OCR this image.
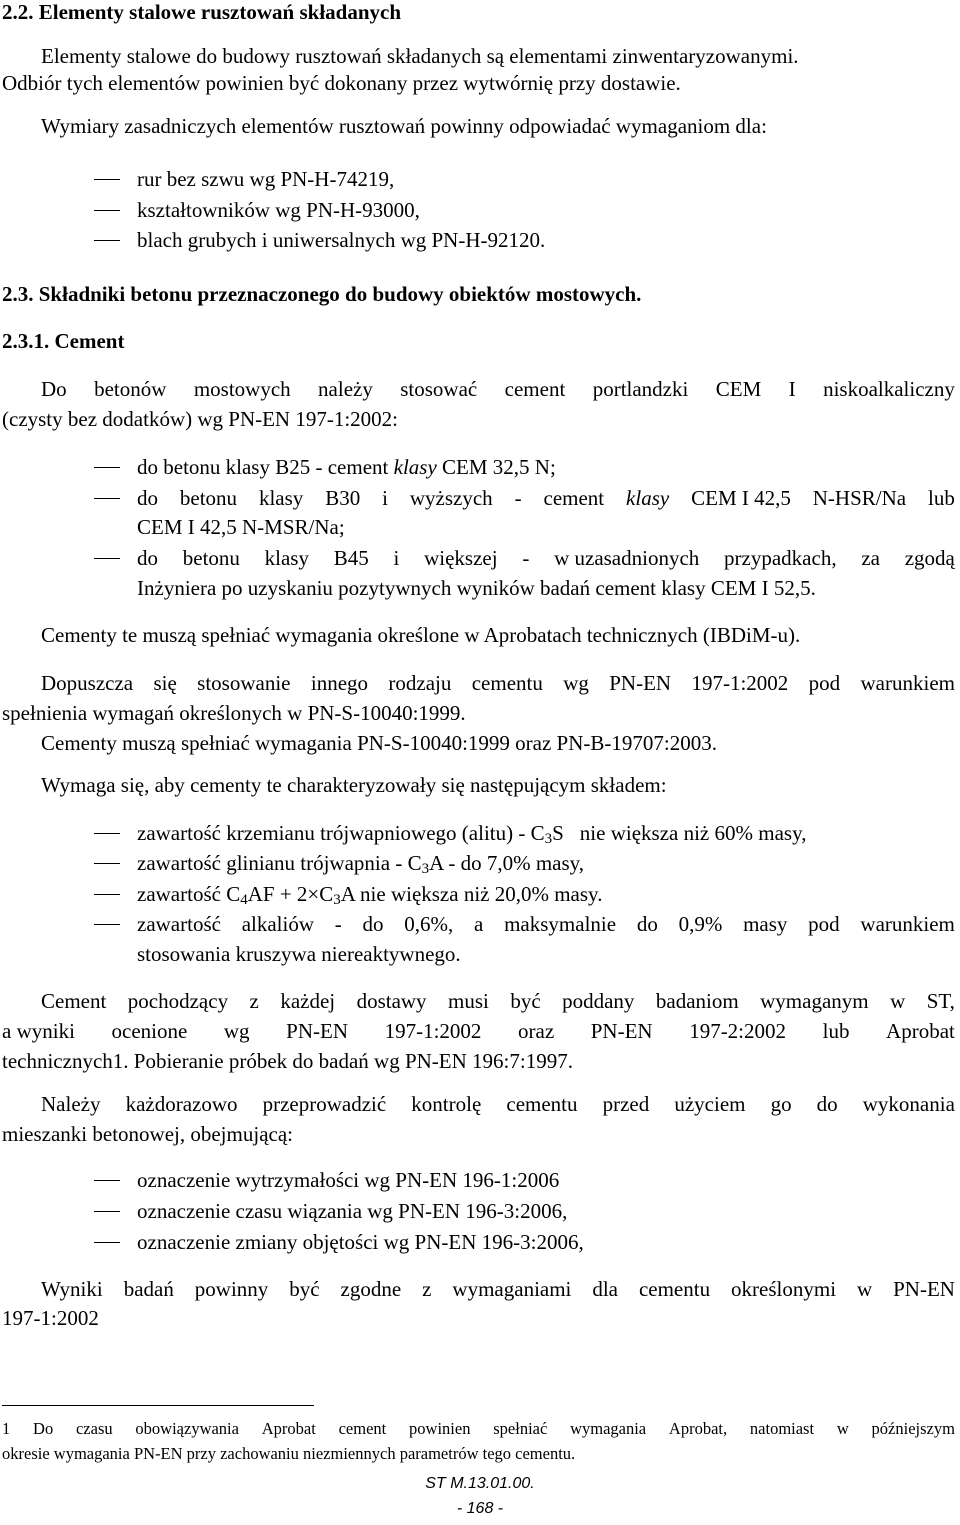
2.2. Elementy stalowe rusztowań składanych
Elementy stalowe do budowy rusztowań składanych są elementami zinwentaryzowanymi.
Odbiór tych elementów powinien być dokonany przez wytwórnię przy dostawie.
Wymiary zasadniczych elementów rusztowań powinny odpowiadać wymaganiom dla:
rur bez szwu wg PN-H-74219,
kształtowników wg PN-H-93000,
blach grubych i uniwersalnych wg PN-H-92120.
2.3. Składniki betonu przeznaczonego do budowy obiektów mostowych.
2.3.1. Cement
Do betonów mostowych należy stosować cement portlandzki CEM I niskoalkaliczny
(czysty bez dodatków) wg PN-EN 197-1:2002:
do betonu klasy B25 - cement klasy CEM 32,5 N;
do betonu klasy B30 i wyższych - cement klasy CEM I 42,5 N-HSR/Na lub
CEM I 42,5 N-MSR/Na;
do betonu klasy B45 i większej - w uzasadnionych przypadkach, za zgodą
Inżyniera po uzyskaniu pozytywnych wyników badań cement klasy CEM I 52,5.
Cementy te muszą spełniać wymagania określone w Aprobatach technicznych (IBDiM-u).
Dopuszcza się stosowanie innego rodzaju cementu wg PN-EN 197-1:2002 pod warunkiem
spełnienia wymagań określonych w PN-S-10040:1999.
Cementy muszą spełniać wymagania PN-S-10040:1999 oraz PN-B-19707:2003.
Wymaga się, aby cementy te charakteryzowały się następującym składem:
zawartość krzemianu trójwapniowego (alitu) - $C_3S$ nie większa niż 60% masy,
zawartość glinianu trójwapnia - $C_3A$ - do 7,0% masy,
zawartość $C_4AF + 2\times C_3A$ nie większa niż 20,0% masy.
zawartość alkaliów - do 0,6%, a maksymalnie do 0,9% masy pod warunkiem
stosowania kruszywa niereaktywnego.
Cement pochodzący z każdej dostawy musi być poddany badaniom wymaganym w ST,
a wyniki ocenione wg PN-EN 197-1:2002 oraz PN-EN 197-2:2002 lub Aprobat
technicznych1. Pobieranie próbek do badań wg PN-EN 196:7:1997.
Należy każdorazowo przeprowadzić kontrolę cementu przed użyciem go do wykonania
mieszanki betonowej, obejmującą:
oznaczenie wytrzymałości wg PN-EN 196-1:2006
oznaczenie czasu wiązania wg PN-EN 196-3:2006,
oznaczenie zmiany objętości wg PN-EN 196-3:2006,
Wyniki badań powinny być zgodne z wymaganiami dla cementu określonymi w PN-EN
197-1:2002
1 Do czasu obowiązywania Aprobat cement powinien spełniać wymagania Aprobat, natomiast w późniejszym
okresie wymagania PN-EN przy zachowaniu niezmiennych parametrów tego cementu.
ST M.13.01.00.
- 168 -
